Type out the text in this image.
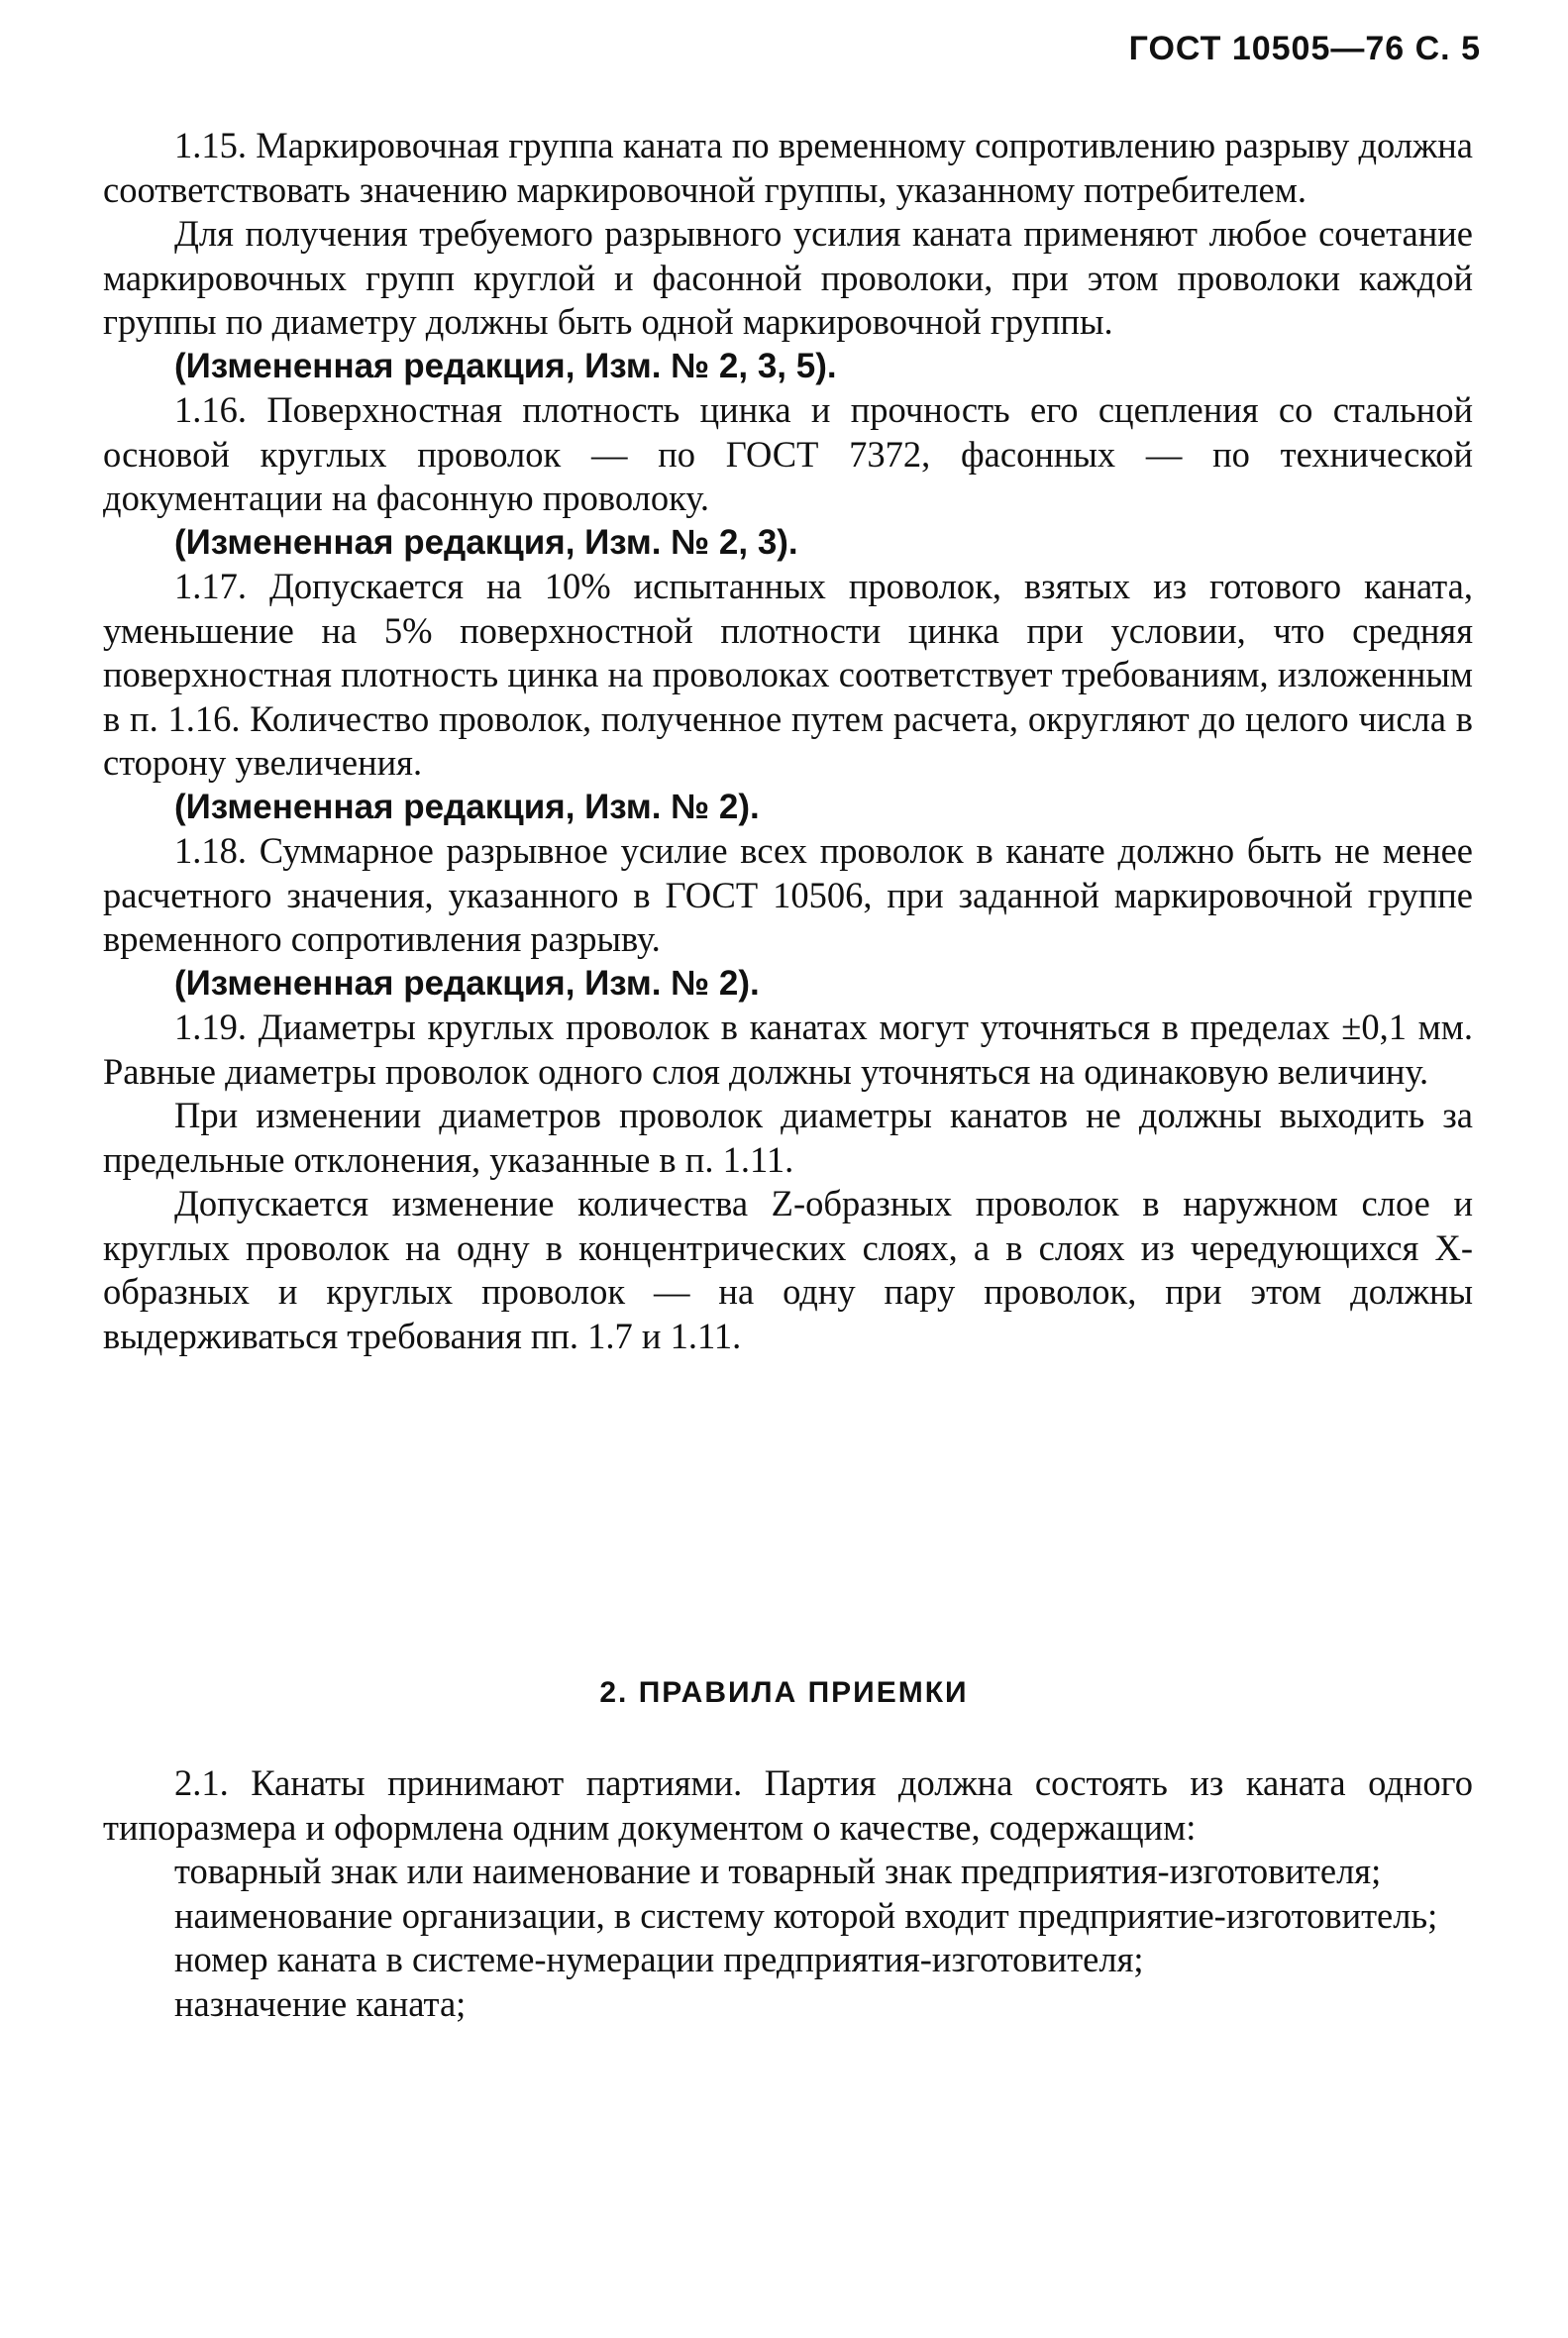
ГОСТ 10505—76 С. 5

1.15. Маркировочная группа каната по временному сопротивлению разрыву должна соответствовать значению маркировочной группы, указанному потребителем.

Для получения требуемого разрывного усилия каната применяют любое сочетание маркировочных групп круглой и фасонной проволоки, при этом проволоки каждой группы по диаметру должны быть одной маркировочной группы.

(Измененная редакция, Изм. № 2, 3, 5).

1.16. Поверхностная плотность цинка и прочность его сцепления со стальной основой круглых проволок — по ГОСТ 7372, фасонных — по технической документации на фасонную проволоку.

(Измененная редакция, Изм. № 2, 3).

1.17. Допускается на 10% испытанных проволок, взятых из готового каната, уменьшение на 5% поверхностной плотности цинка при условии, что средняя поверхностная плотность цинка на проволоках соответствует требованиям, изложенным в п. 1.16. Количество проволок, полученное путем расчета, округляют до целого числа в сторону увеличения.

(Измененная редакция, Изм. № 2).

1.18. Суммарное разрывное усилие всех проволок в канате должно быть не менее расчетного значения, указанного в ГОСТ 10506, при заданной маркировочной группе временного сопротивления разрыву.

(Измененная редакция, Изм. № 2).

1.19. Диаметры круглых проволок в канатах могут уточняться в пределах ±0,1 мм. Равные диаметры проволок одного слоя должны уточняться на одинаковую величину.

При изменении диаметров проволок диаметры канатов не должны выходить за предельные отклонения, указанные в п. 1.11.

Допускается изменение количества Z-образных проволок в наружном слое и круглых проволок на одну в концентрических слоях, а в слоях из чередующихся Х-образных и круглых проволок — на одну пару проволок, при этом должны выдерживаться требования пп. 1.7 и 1.11.

2. ПРАВИЛА ПРИЕМКИ

2.1. Канаты принимают партиями. Партия должна состоять из каната одного типоразмера и оформлена одним документом о качестве, содержащим:

товарный знак или наименование и товарный знак предприятия-изготовителя;

наименование организации, в систему которой входит предприятие-изготовитель;

номер каната в системе-нумерации предприятия-изготовителя;

назначение каната;
